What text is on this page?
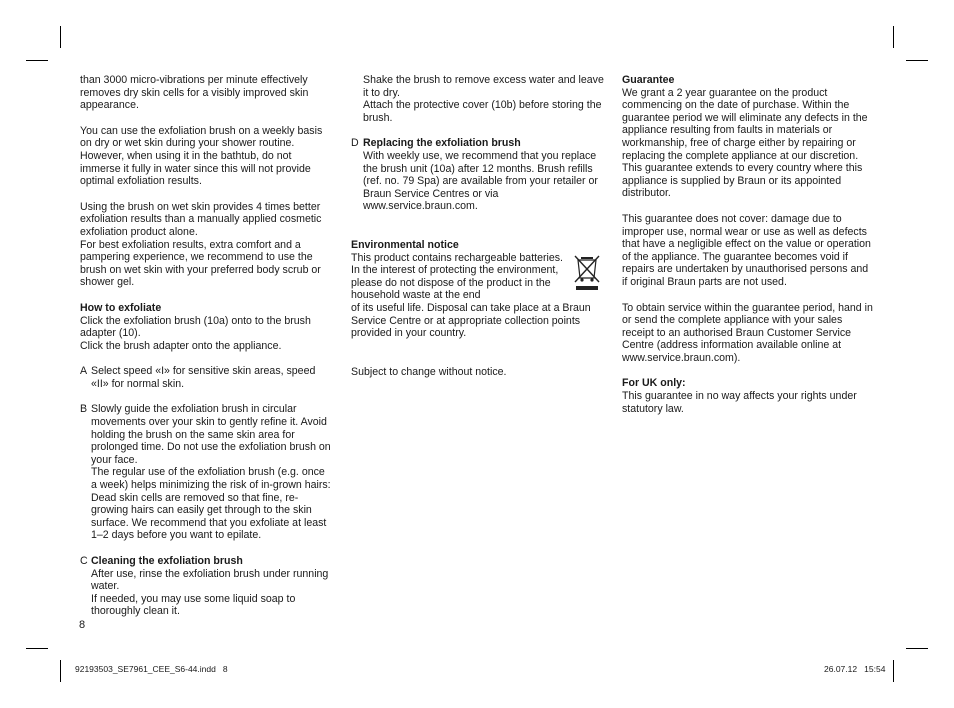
than 3000 micro-vibrations per minute effectively removes dry skin cells for a visibly improved skin appearance.

You can use the exfoliation brush on a weekly basis on dry or wet skin during your shower routine.

However, when using it in the bathtub, do not immerse it fully in water since this will not provide optimal exfoliation results.

Using the brush on wet skin provides 4 times better exfoliation results than a manually applied cosmetic exfoliation product alone.

For best exfoliation results, extra comfort and a pampering experience, we recommend to use the brush on wet skin with your preferred body scrub or shower gel.

How to exfoliate

Click the exfoliation brush (10a) onto to the brush adapter (10).

Click the brush adapter onto the appliance.

A Select speed «I» for sensitive skin areas, speed «II» for normal skin.
B Slowly guide the exfoliation brush in circular movements over your skin to gently refine it. Avoid holding the brush on the same skin area for prolonged time. Do not use the exfoliation brush on your face.

The regular use of the exfoliation brush (e.g. once a week) helps minimizing the risk of in-grown hairs: Dead skin cells are removed so that fine, re-growing hairs can easily get through to the skin surface. We recommend that you exfoliate at least 1–2 days before you want to epilate.

C Cleaning the exfoliation brush

After use, rinse the exfoliation brush under running water.

If needed, you may use some liquid soap to thoroughly clean it.

Shake the brush to remove excess water and leave it to dry.

Attach the protective cover (10b) before storing the brush.

D Replacing the exfoliation brush

With weekly use, we recommend that you replace the brush unit (10a) after 12 months. Brush refills (ref. no. 79 Spa) are available from your retailer or Braun Service Centres or via www.service.braun.com.

Environmental notice

This product contains rechargeable batteries. In the interest of protecting the environment, please do not dispose of the product in the household waste at the end

of its useful life. Disposal can take place at a Braun Service Centre or at appropriate collection points provided in your country.

Subject to change without notice.

Guarantee

We grant a 2 year guarantee on the product commencing on the date of purchase. Within the guarantee period we will eliminate any defects in the appliance resulting from faults in materials or workmanship, free of charge either by repairing or replacing the complete appliance at our discretion.

This guarantee extends to every country where this appliance is supplied by Braun or its appointed distributor.

This guarantee does not cover: damage due to improper use, normal wear or use as well as defects that have a negligible effect on the value or operation of the appliance. The guarantee becomes void if repairs are undertaken by unauthorised persons and if original Braun parts are not used.

To obtain service within the guarantee period, hand in or send the complete appliance with your sales receipt to an authorised Braun Customer Service Centre (address information available online at www.service.braun.com).

For UK only:

This guarantee in no way affects your rights under statutory law.

8
92193503_SE7961_CEE_S6-44.indd   8	26.07.12   15:54
